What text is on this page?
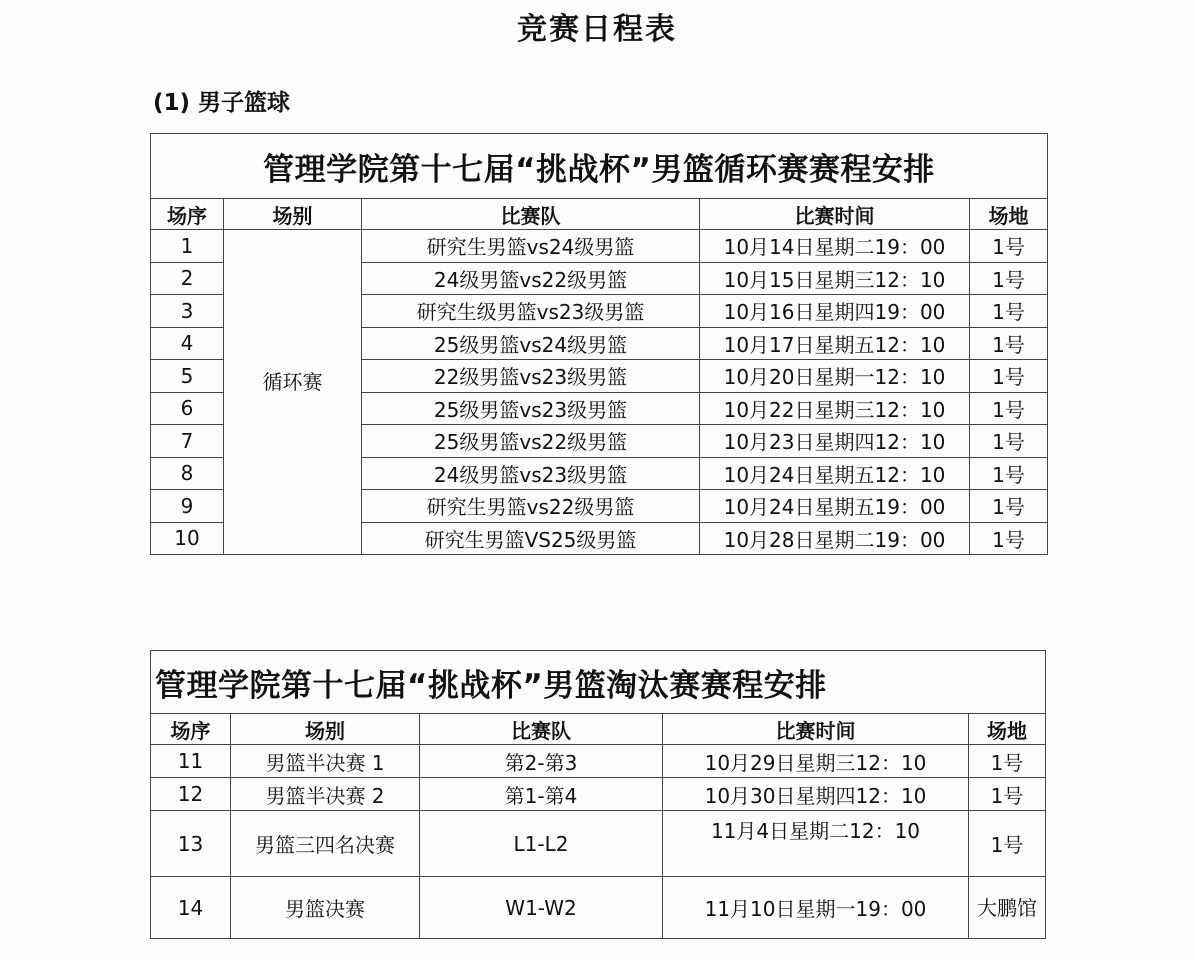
竞赛日程表
(1) 男子篮球
管理学院第十七届“挑战杯”男篮循环赛赛程安排				
场序	场别	比赛队	比赛时间	场地
1	循环赛	研究生男篮vs24级男篮	10月14日星期二19：00	1号
2		24级男篮vs22级男篮	10月15日星期三12：10	1号
3		研究生级男篮vs23级男篮	10月16日星期四19：00	1号
4		25级男篮vs24级男篮	10月17日星期五12：10	1号
5		22级男篮vs23级男篮	10月20日星期一12：10	1号
6		25级男篮vs23级男篮	10月22日星期三12：10	1号
7		25级男篮vs22级男篮	10月23日星期四12：10	1号
8		24级男篮vs23级男篮	10月24日星期五12：10	1号
9		研究生男篮vs22级男篮	10月24日星期五19：00	1号
10		研究生男篮VS25级男篮	10月28日星期二19：00	1号
管理学院第十七届“挑战杯”男篮淘汰赛赛程安排				
场序	场别	比赛队	比赛时间	场地
11	男篮半决赛 1	第2-第3	10月29日星期三12：10	1号
12	男篮半决赛 2	第1-第4	10月30日星期四12：10	1号
13	男篮三四名决赛	L1-L2	11月4日星期二12：10	1号
14	男篮决赛	W1-W2	11月10日星期一19：00	大鹏馆
